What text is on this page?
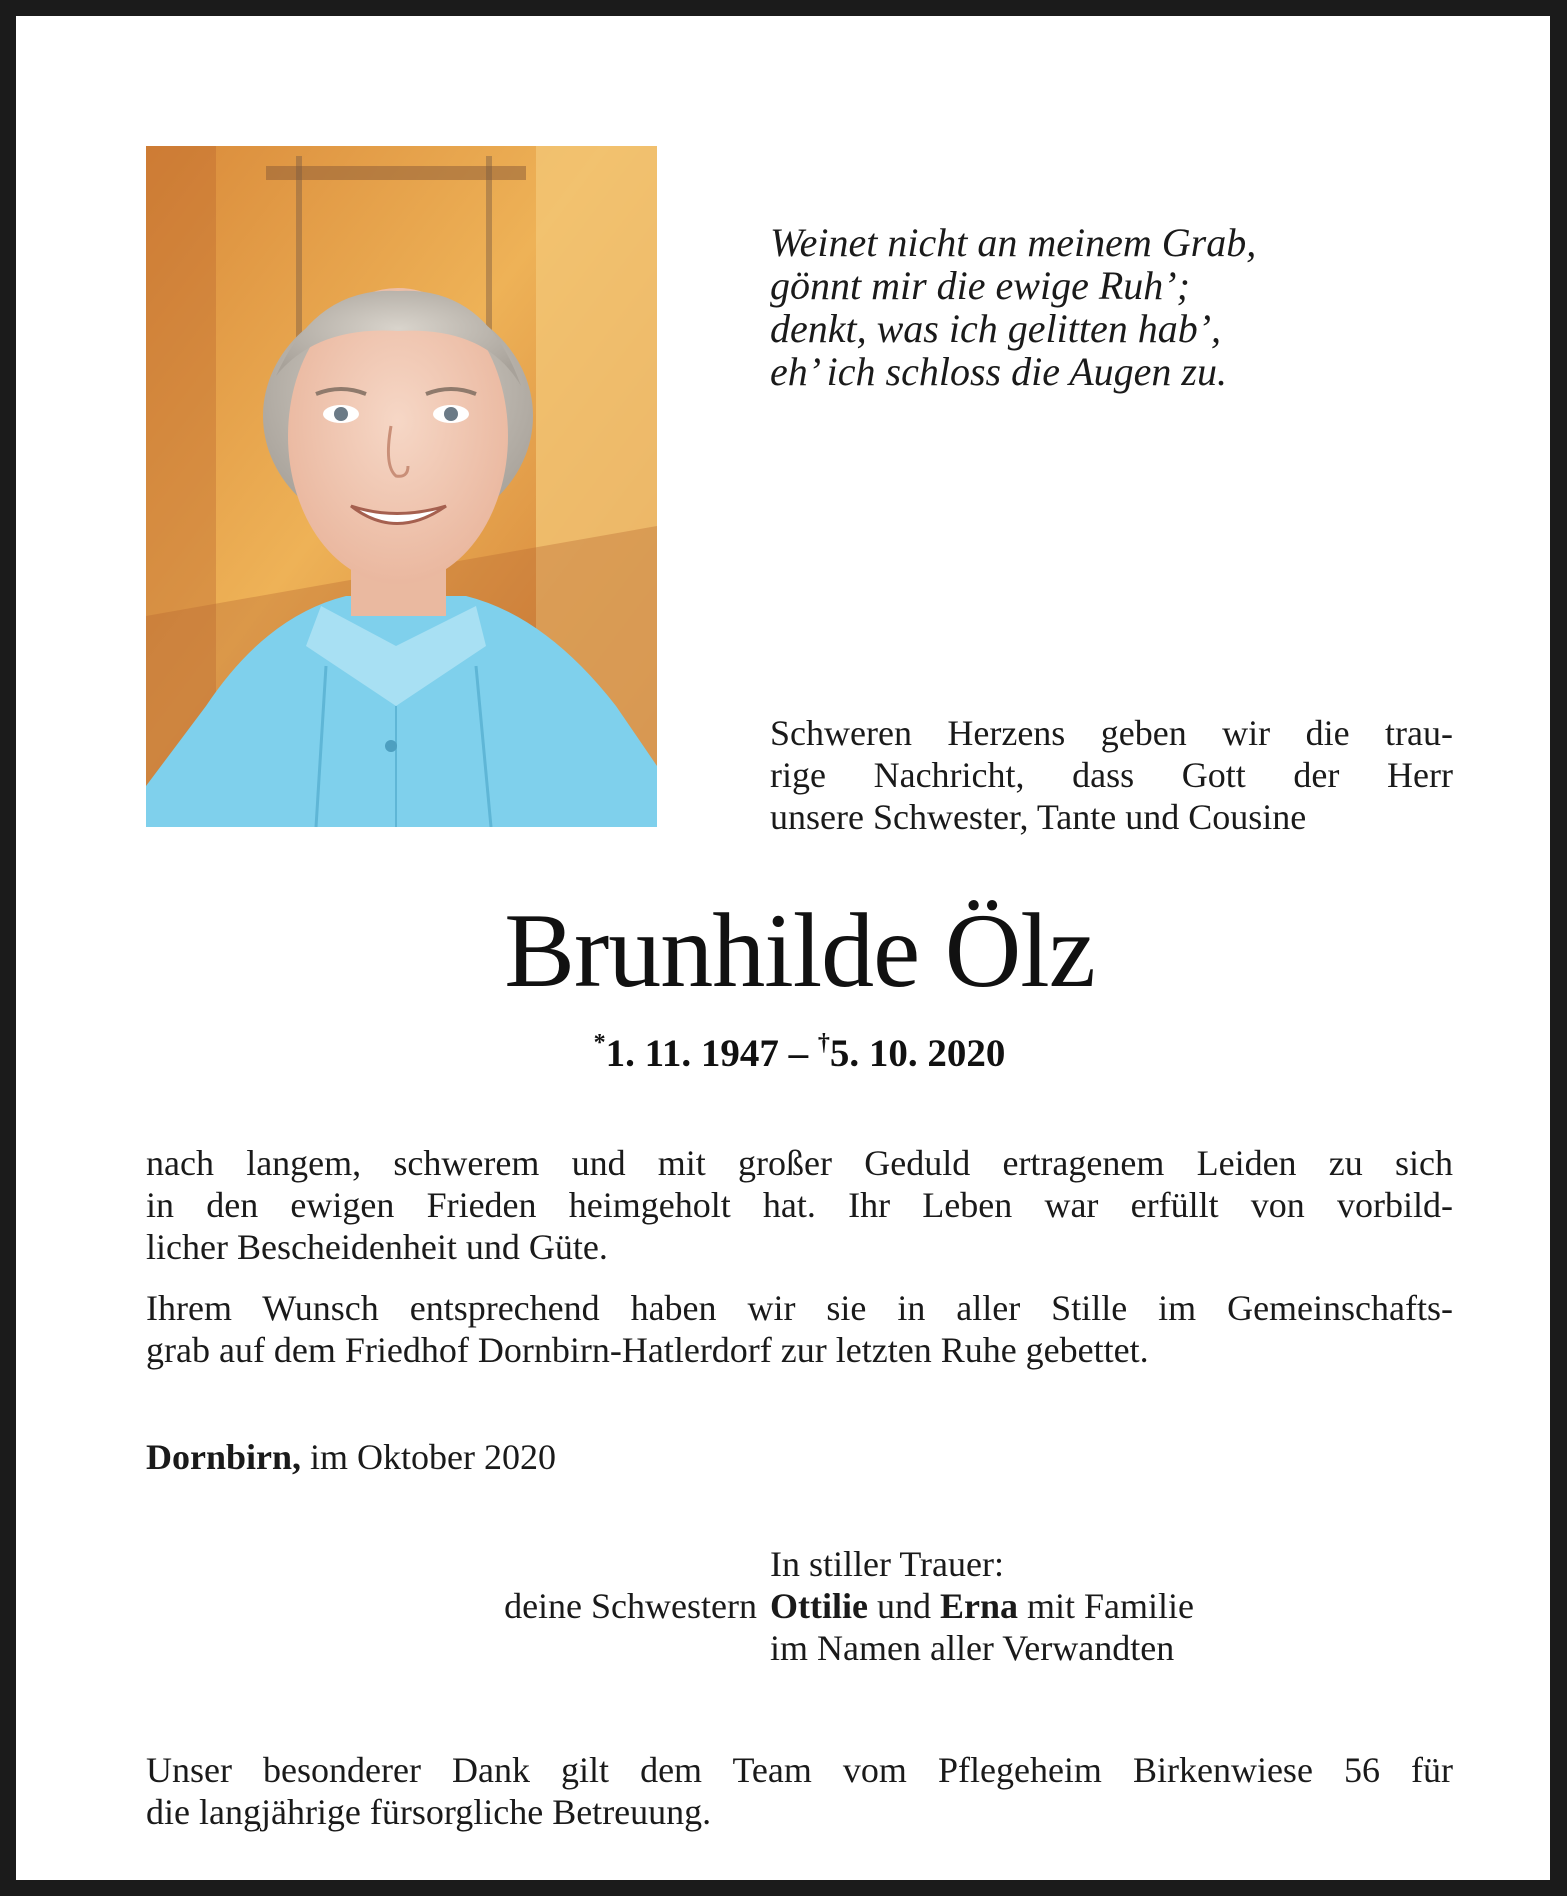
Weinet nicht an meinem Grab,
gönnt mir die ewige Ruh’;
denkt, was ich gelitten hab’,
eh’ ich schloss die Augen zu.
Schweren Herzens geben wir die trau-
rige Nachricht, dass Gott der Herr
unsere Schwester, Tante und Cousine
Brunhilde Ölz
*1. 11. 1947 – †5. 10. 2020
nach langem, schwerem und mit großer Geduld ertragenem Leiden zu sich
in den ewigen Frieden heimgeholt hat. Ihr Leben war erfüllt von vorbild-
licher Bescheidenheit und Güte.
Ihrem Wunsch entsprechend haben wir sie in aller Stille im Gemeinschafts-
grab auf dem Friedhof Dornbirn-Hatlerdorf zur letzten Ruhe gebettet.
Dornbirn, im Oktober 2020
In stiller Trauer:
deine Schwestern Ottilie und Erna mit Familie
im Namen aller Verwandten
Unser besonderer Dank gilt dem Team vom Pflegeheim Birkenwiese 56 für
die langjährige fürsorgliche Betreuung.
